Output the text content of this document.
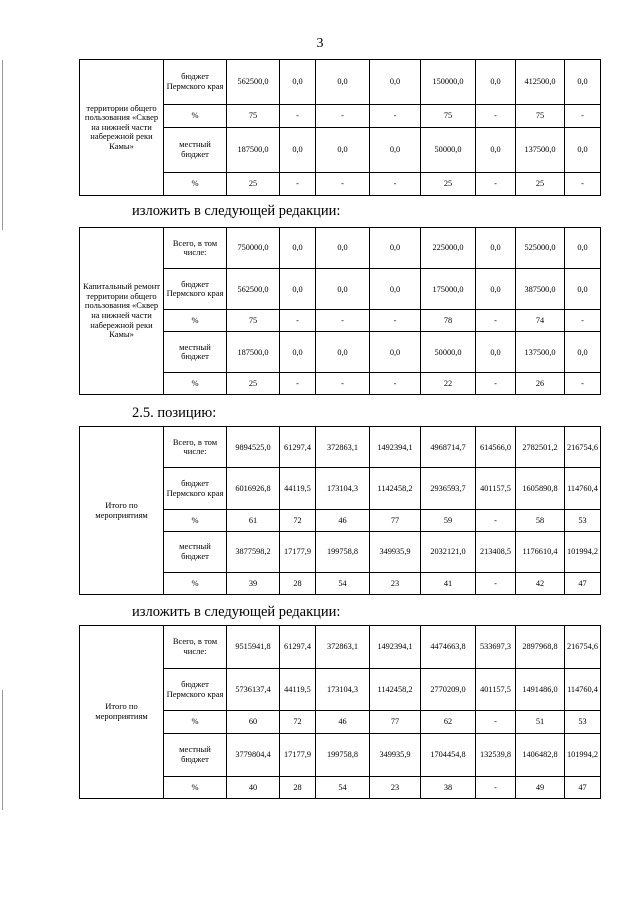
3
территории общего пользования «Сквер на нижней части набережной реки Камы»	бюджет Пермского края	562500,0	0,0	0,0	0,0	150000,0	0,0	412500,0	0,0
	%	75	-	-	-	75	-	75	-
	местный бюджет	187500,0	0,0	0,0	0,0	50000,0	0,0	137500,0	0,0
	%	25	-	-	-	25	-	25	-
изложить в следующей редакции:
Капитальный ремонт территории общего пользования «Сквер на нижней части набережной реки Камы»	Всего, в том числе:	750000,0	0,0	0,0	0,0	225000,0	0,0	525000,0	0,0
	бюджет Пермского края	562500,0	0,0	0,0	0,0	175000,0	0,0	387500,0	0,0
	%	75	-	-	-	78	-	74	-
	местный бюджет	187500,0	0,0	0,0	0,0	50000,0	0,0	137500,0	0,0
	%	25	-	-	-	22	-	26	-
2.5. позицию:
Итого по мероприятиям	Всего, в том числе:	9894525,0	61297,4	372863,1	1492394,1	4968714,7	614566,0	2782501,2	216754,6
	бюджет Пермского края	6016926,8	44119,5	173104,3	1142458,2	2936593,7	401157,5	1605890,8	114760,4
	%	61	72	46	77	59	-	58	53
	местный бюджет	3877598,2	17177,9	199758,8	349935,9	2032121,0	213408,5	1176610,4	101994,2
	%	39	28	54	23	41	-	42	47
изложить в следующей редакции:
Итого по мероприятиям	Всего, в том числе:	9515941,8	61297,4	372863,1	1492394,1	4474663,8	533697,3	2897968,8	216754,6
	бюджет Пермского края	5736137,4	44119,5	173104,3	1142458,2	2770209,0	401157,5	1491486,0	114760,4
	%	60	72	46	77	62	-	51	53
	местный бюджет	3779804,4	17177,9	199758,8	349935,9	1704454,8	132539,8	1406482,8	101994,2
	%	40	28	54	23	38	-	49	47
